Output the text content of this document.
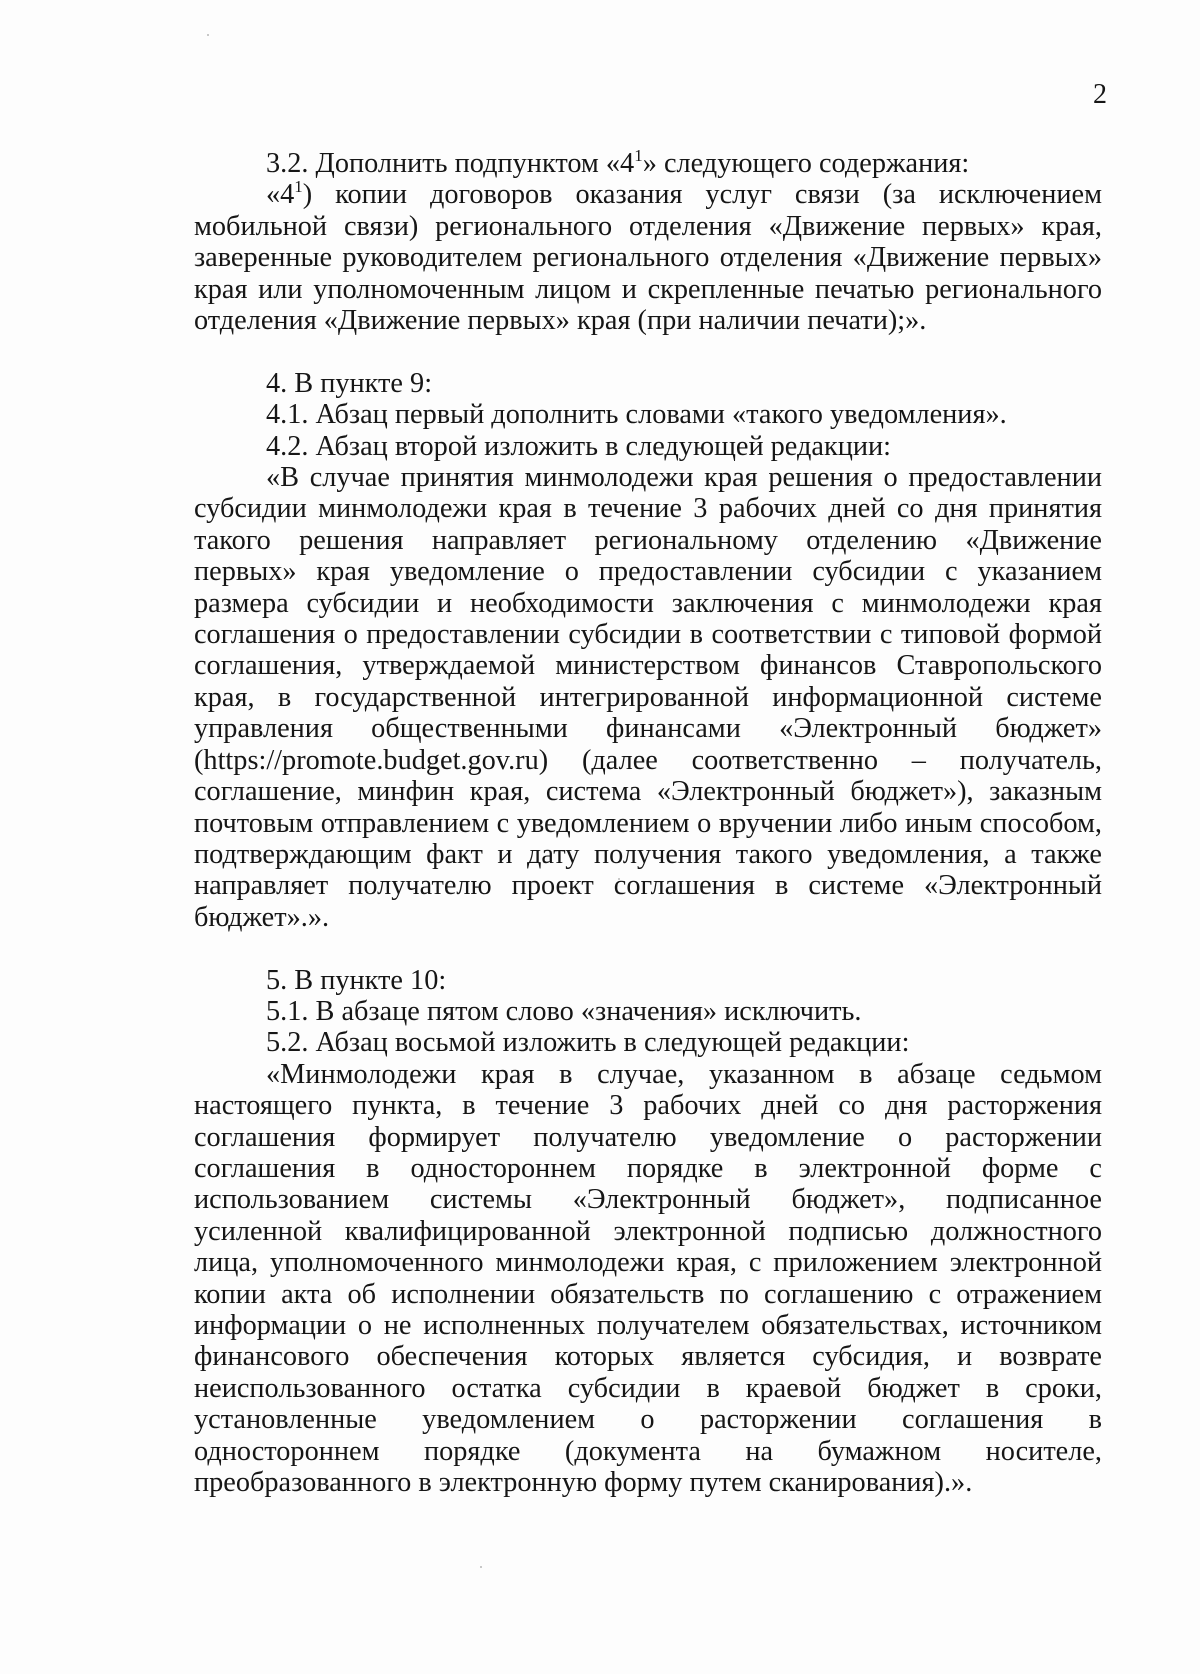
2

3.2. Дополнить подпунктом «$4^1$» следующего содержания:

«$4^1$) копии договоров оказания услуг связи (за исключением мобильной связи) регионального отделения «Движение первых» края, заверенные руководителем регионального отделения «Движение первых» края или уполномоченным лицом и скрепленные печатью регионального отделения «Движение первых» края (при наличии печати);».

4. В пункте 9:

4.1. Абзац первый дополнить словами «такого уведомления».

4.2. Абзац второй изложить в следующей редакции:

«В случае принятия минмолодежи края решения о предоставлении субсидии минмолодежи края в течение 3 рабочих дней со дня принятия такого решения направляет региональному отделению «Движение первых» края уведомление о предоставлении субсидии с указанием размера субсидии и необходимости заключения с минмолодежи края соглашения о предоставлении субсидии в соответствии с типовой формой соглашения, утверждаемой министерством финансов Ставропольского края, в государственной интегрированной информационной системе управления общественными финансами «Электронный бюджет» (https://promote.budget.gov.ru) (далее соответственно – получатель, соглашение, минфин края, система «Электронный бюджет»), заказным почтовым отправлением с уведомлением о вручении либо иным способом, подтверждающим факт и дату получения такого уведомления, а также направляет получателю проект соглашения в системе «Электронный бюджет».».

5. В пункте 10:

5.1. В абзаце пятом слово «значения» исключить.

5.2. Абзац восьмой изложить в следующей редакции:

«Минмолодежи края в случае, указанном в абзаце седьмом настоящего пункта, в течение 3 рабочих дней со дня расторжения соглашения формирует получателю уведомление о расторжении соглашения в одностороннем порядке в электронной форме с использованием системы «Электронный бюджет», подписанное усиленной квалифицированной электронной подписью должностного лица, уполномоченного минмолодежи края, с приложением электронной копии акта об исполнении обязательств по соглашению с отражением информации о не исполненных получателем обязательствах, источником финансового обеспечения которых является субсидия, и возврате неиспользованного остатка субсидии в краевой бюджет в сроки, установленные уведомлением о расторжении соглашения в одностороннем порядке (документа на бумажном носителе, преобразованного в электронную форму путем сканирования).».
